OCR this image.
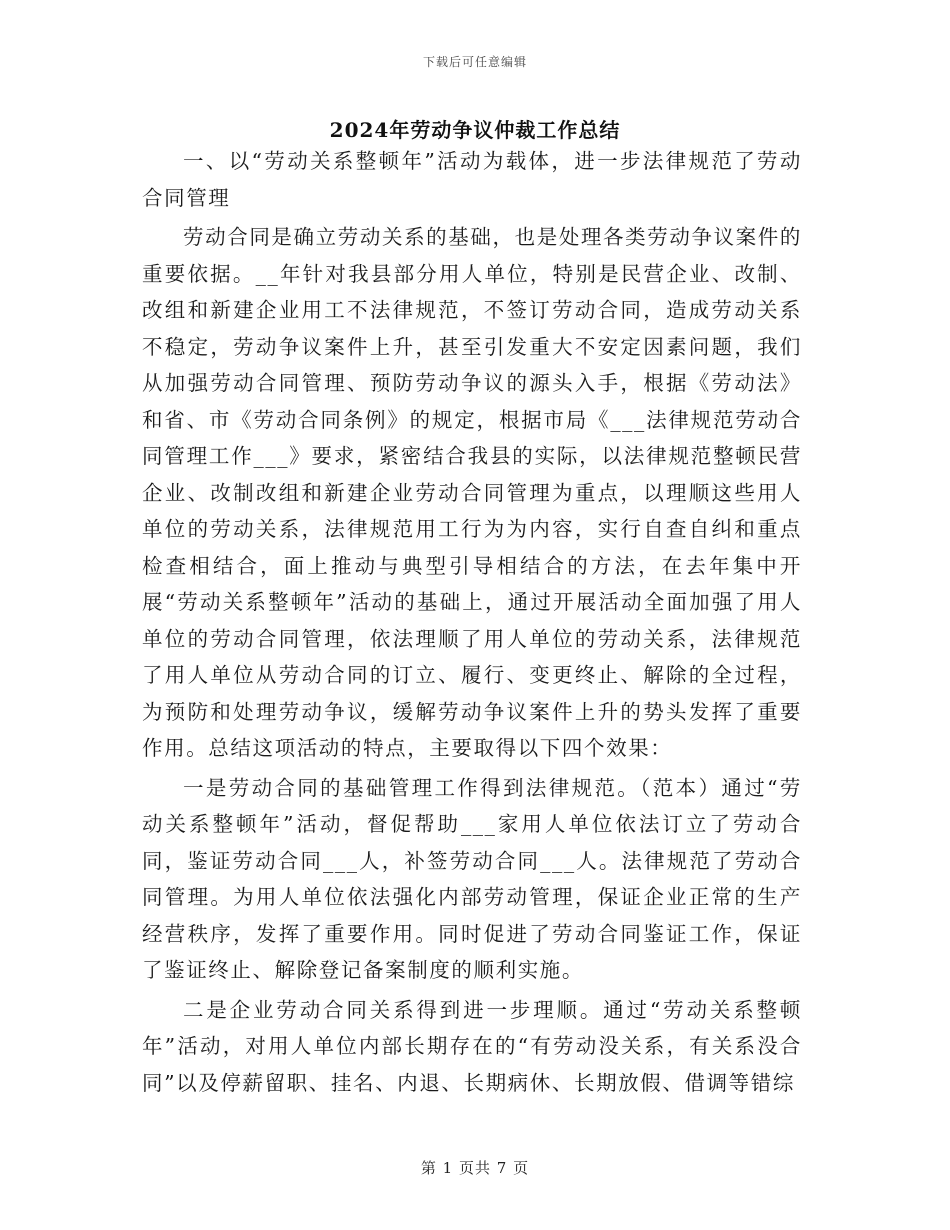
下载后可任意编辑
2024年劳动争议仲裁工作总结

一、以“劳动关系整顿年”活动为载体，进一步法律规范了劳动合同管理

劳动合同是确立劳动关系的基础，也是处理各类劳动争议案件的重要依据。__年针对我县部分用人单位，特别是民营企业、改制、改组和新建企业用工不法律规范，不签订劳动合同，造成劳动关系不稳定，劳动争议案件上升，甚至引发重大不安定因素问题，我们从加强劳动合同管理、预防劳动争议的源头入手，根据《劳动法》和省、市《劳动合同条例》的规定，根据市局《___法律规范劳动合同管理工作___》要求，紧密结合我县的实际，以法律规范整顿民营企业、改制改组和新建企业劳动合同管理为重点，以理顺这些用人单位的劳动关系，法律规范用工行为为内容，实行自查自纠和重点检查相结合，面上推动与典型引导相结合的方法，在去年集中开展“劳动关系整顿年”活动的基础上，通过开展活动全面加强了用人单位的劳动合同管理，依法理顺了用人单位的劳动关系，法律规范了用人单位从劳动合同的订立、履行、变更终止、解除的全过程，为预防和处理劳动争议，缓解劳动争议案件上升的势头发挥了重要作用。总结这项活动的特点，主要取得以下四个效果：

一是劳动合同的基础管理工作得到法律规范。（范本）通过“劳动关系整顿年”活动，督促帮助___家用人单位依法订立了劳动合同，鉴证劳动合同___人，补签劳动合同___人。法律规范了劳动合同管理。为用人单位依法强化内部劳动管理，保证企业正常的生产经营秩序，发挥了重要作用。同时促进了劳动合同鉴证工作，保证了鉴证终止、解除登记备案制度的顺利实施。

二是企业劳动合同关系得到进一步理顺。通过“劳动关系整顿年”活动，对用人单位内部长期存在的“有劳动没关系，有关系没合同”以及停薪留职、挂名、内退、长期病休、长期放假、借调等错综

第 1 页共 7 页
